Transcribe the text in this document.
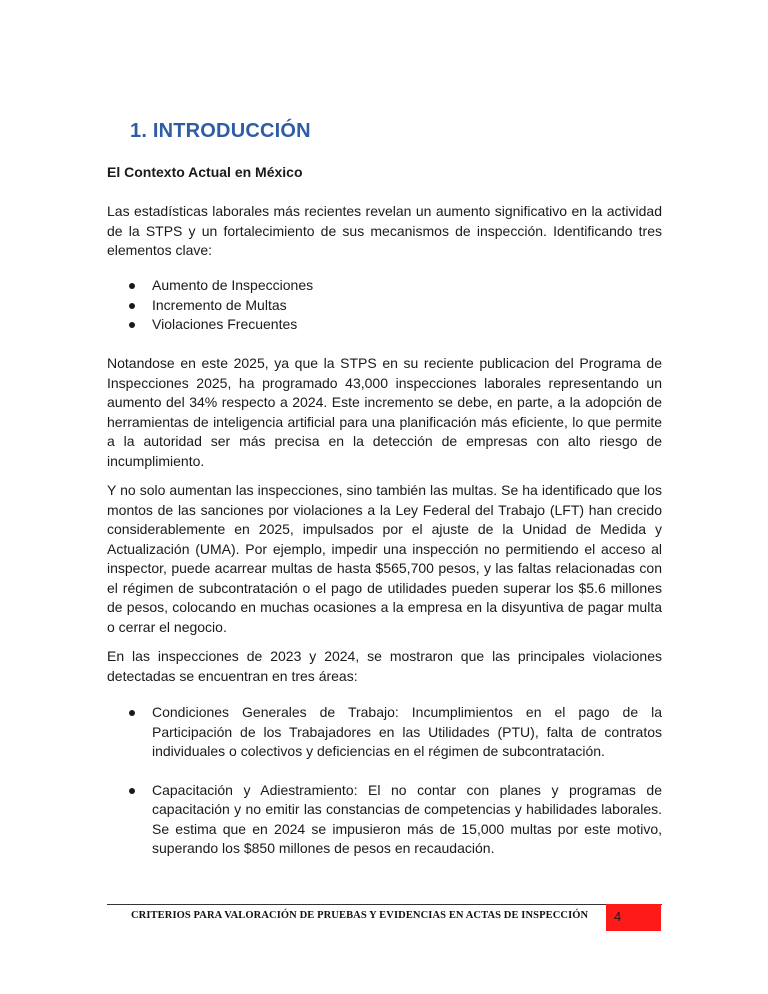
1. INTRODUCCIÓN
El Contexto Actual en México

Las estadísticas laborales más recientes revelan un aumento significativo en la actividad de la STPS y un fortalecimiento de sus mecanismos de inspección. Identificando tres elementos clave:

Aumento de Inspecciones
Incremento de Multas
Violaciones Frecuentes

Notandose en este 2025, ya que la STPS en su reciente publicacion del Programa de Inspecciones 2025, ha programado 43,000 inspecciones laborales representando un aumento del 34% respecto a 2024. Este incremento se debe, en parte, a la adopción de herramientas de inteligencia artificial para una planificación más eficiente, lo que permite a la autoridad ser más precisa en la detección de empresas con alto riesgo de incumplimiento.

Y no solo aumentan las inspecciones, sino también las multas. Se ha identificado que los montos de las sanciones por violaciones a la Ley Federal del Trabajo (LFT) han crecido considerablemente en 2025, impulsados por el ajuste de la Unidad de Medida y Actualización (UMA). Por ejemplo, impedir una inspección no permitiendo el acceso al inspector, puede acarrear multas de hasta $565,700 pesos, y las faltas relacionadas con el régimen de subcontratación o el pago de utilidades pueden superar los $5.6 millones de pesos, colocando en muchas ocasiones a la empresa en la disyuntiva de pagar multa o cerrar el negocio.

En las inspecciones de 2023 y 2024, se mostraron que las principales violaciones detectadas se encuentran en tres áreas:

Condiciones Generales de Trabajo: Incumplimientos en el pago de la Participación de los Trabajadores en las Utilidades (PTU), falta de contratos individuales o colectivos y deficiencias en el régimen de subcontratación.
Capacitación y Adiestramiento: El no contar con planes y programas de capacitación y no emitir las constancias de competencias y habilidades laborales. Se estima que en 2024 se impusieron más de 15,000 multas por este motivo, superando los $850 millones de pesos en recaudación.
CRITERIOS PARA VALORACIÓN DE PRUEBAS Y EVIDENCIAS EN ACTAS DE INSPECCIÓN 4
